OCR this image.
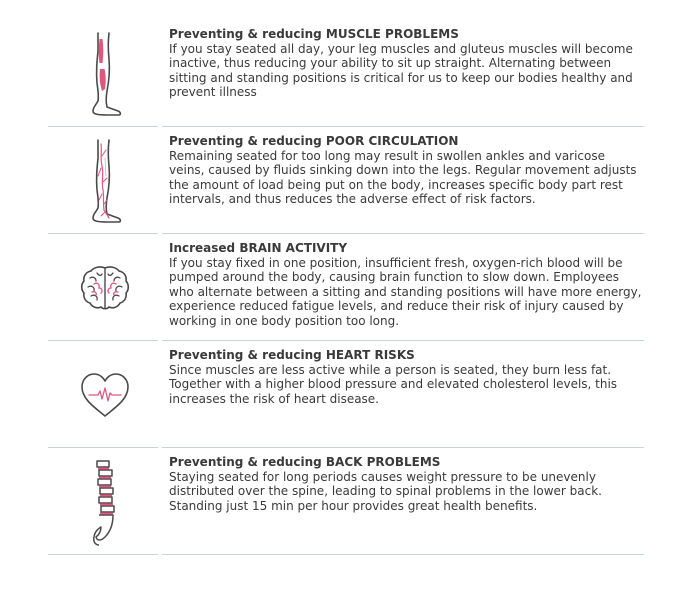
Preventing & reducing MUSCLE PROBLEMS

If you stay seated all day, your leg muscles and gluteus muscles will become inactive, thus reducing your ability to sit up straight. Alternating between sitting and standing positions is critical for us to keep our bodies healthy and prevent illness

Preventing & reducing POOR CIRCULATION

Remaining seated for too long may result in swollen ankles and varicose veins, caused by fluids sinking down into the legs. Regular movement adjusts the amount of load being put on the body, increases specific body part rest intervals, and thus reduces the adverse effect of risk factors.

Increased BRAIN ACTIVITY

If you stay fixed in one position, insufficient fresh, oxygen-rich blood will be pumped around the body, causing brain function to slow down. Employees who alternate between a sitting and standing positions will have more energy, experience reduced fatigue levels, and reduce their risk of injury caused by working in one body position too long.

Preventing & reducing HEART RISKS

Since muscles are less active while a person is seated, they burn less fat. Together with a higher blood pressure and elevated cholesterol levels, this increases the risk of heart disease.

Preventing & reducing BACK PROBLEMS

Staying seated for long periods causes weight pressure to be unevenly distributed over the spine, leading to spinal problems in the lower back. Standing just 15 min per hour provides great health benefits.
